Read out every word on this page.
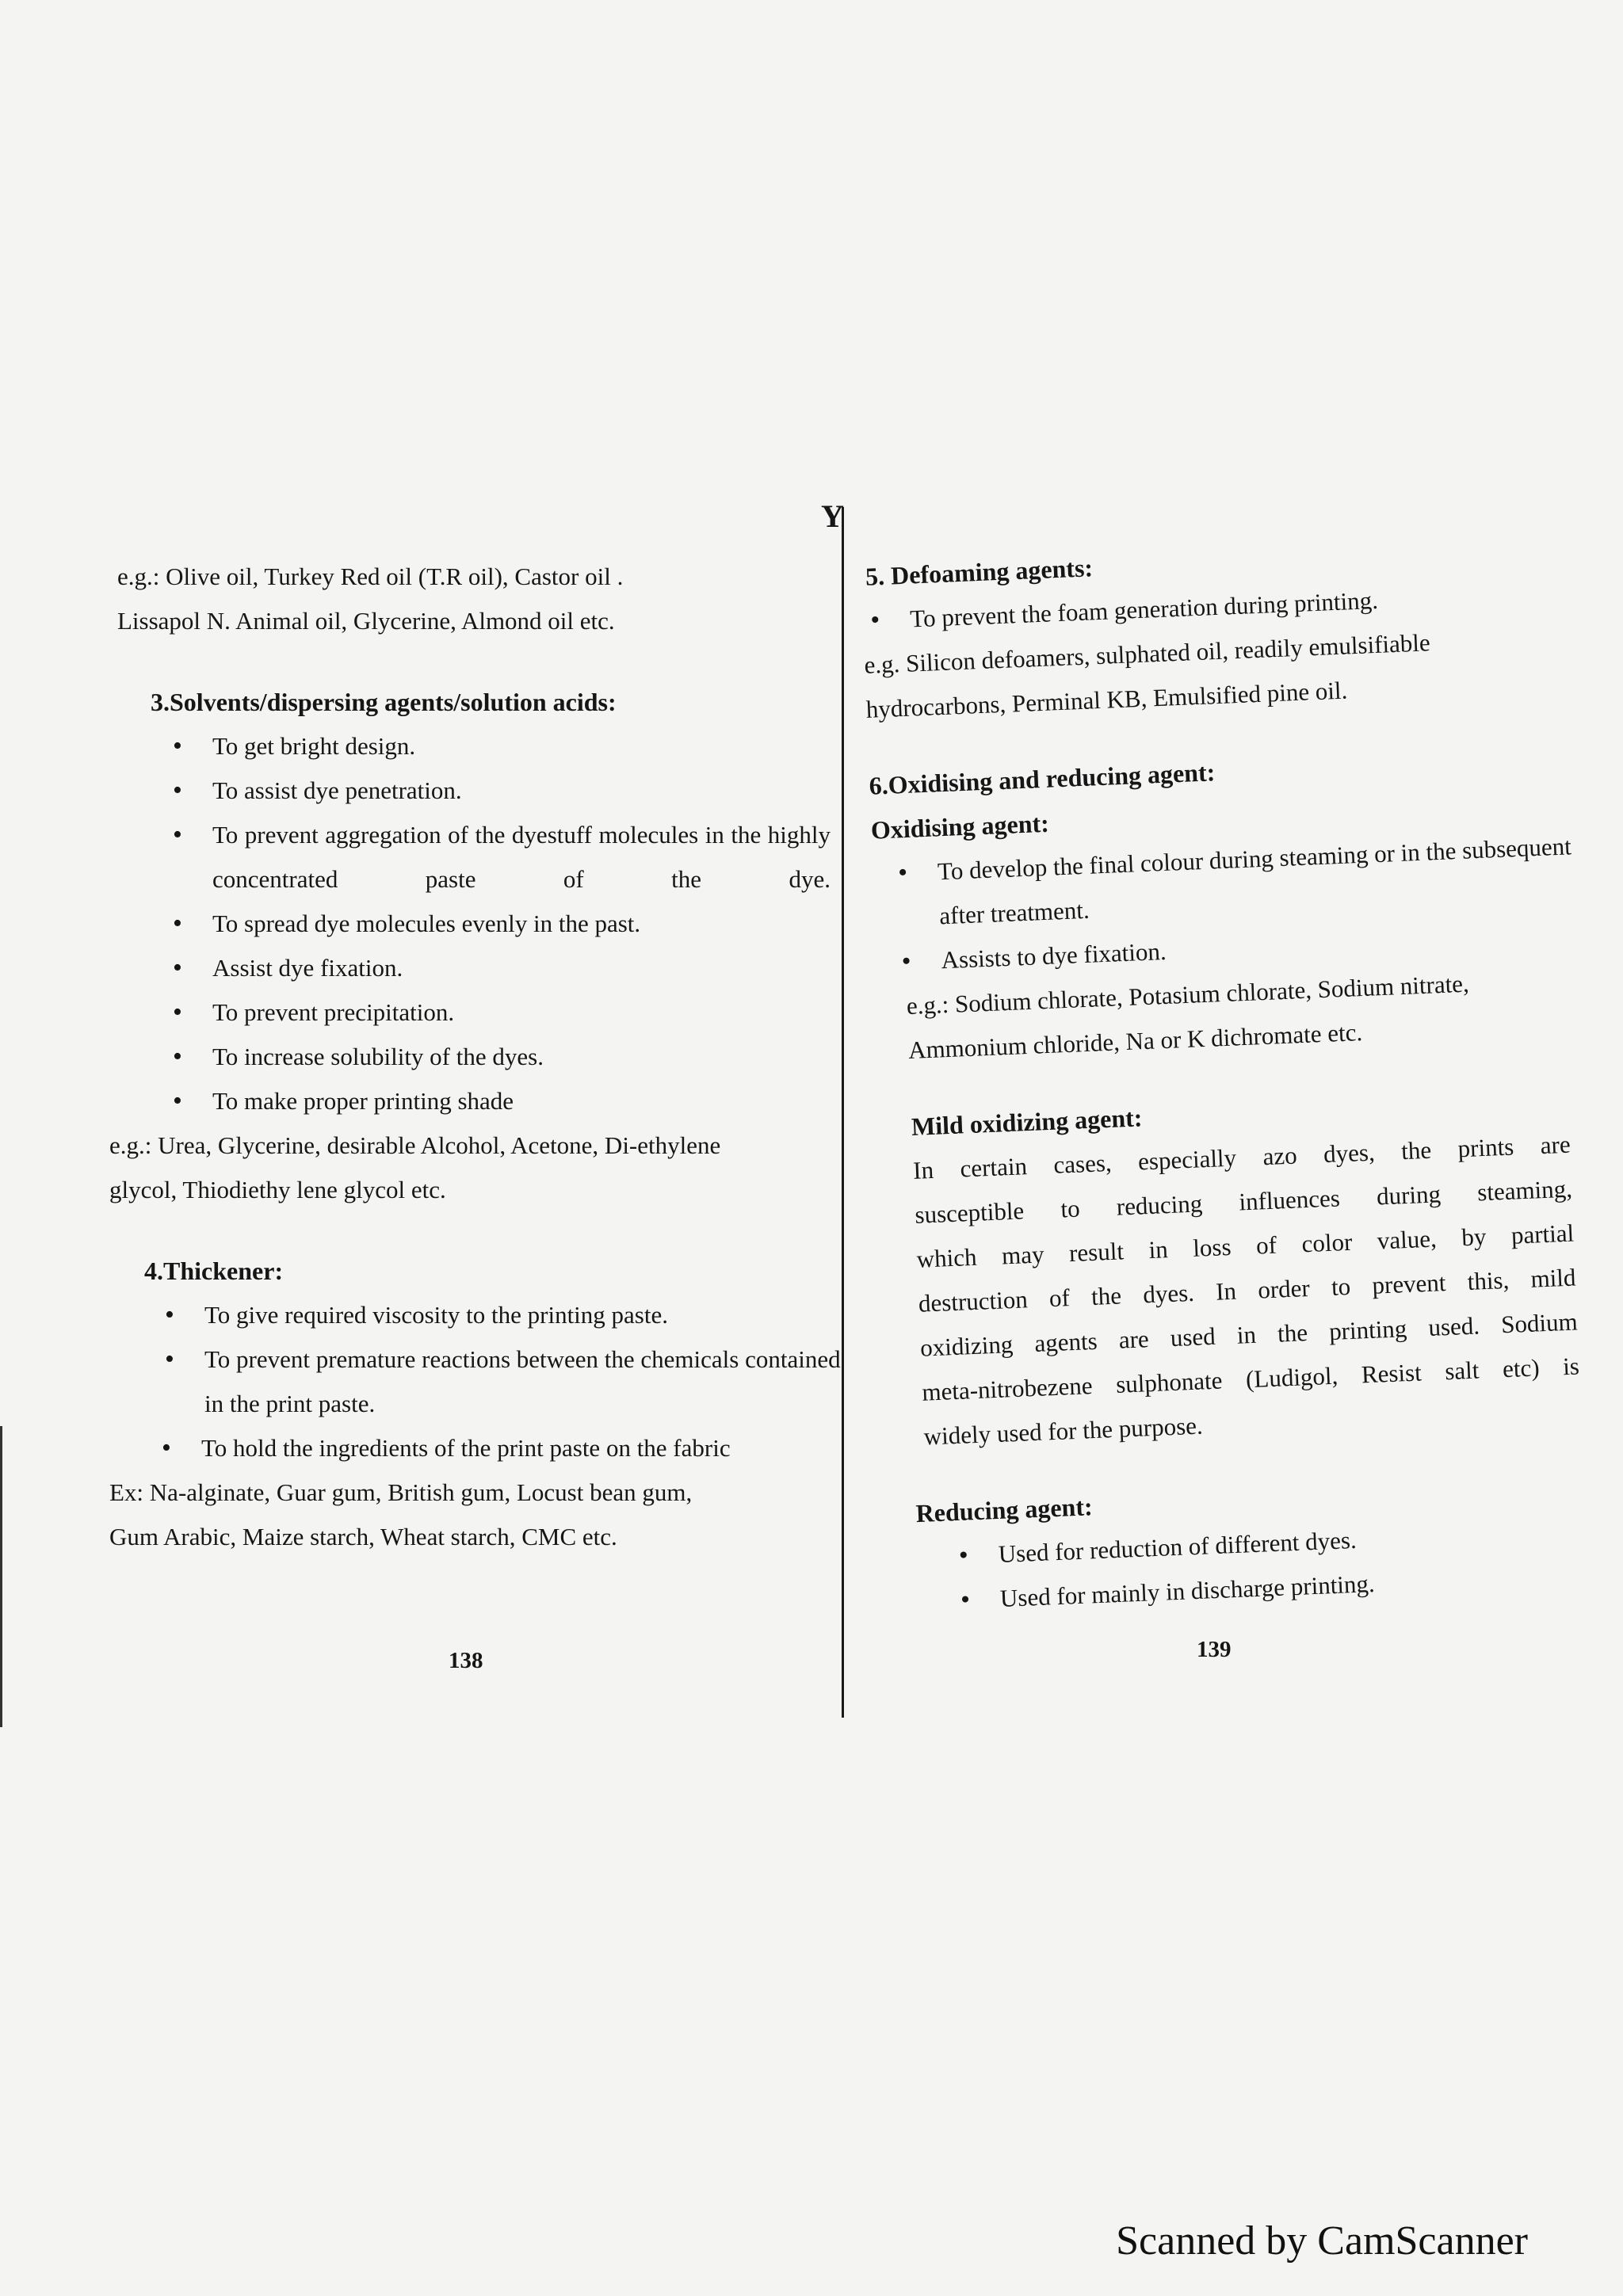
Y
e.g.: Olive oil, Turkey Red oil (T.R oil), Castor oil .
Lissapol N. Animal oil, Glycerine, Almond oil etc.
3.Solvents/dispersing agents/solution acids:
• To get bright design.
• To assist dye penetration.
• To prevent aggregation of the dyestuff molecules in the highly concentrated paste of the dye.
• To spread dye molecules evenly in the past.
• Assist dye fixation.
• To prevent precipitation.
• To increase solubility of the dyes.
• To make proper printing shade
e.g.: Urea, Glycerine, desirable Alcohol, Acetone, Di-ethylene
glycol, Thiodiethy lene glycol etc.
4.Thickener:
• To give required viscosity to the printing paste.
• To prevent premature reactions between the chemicals contained in the print paste.
• To hold the ingredients of the print paste on the fabric
Ex: Na-alginate, Guar gum, British gum, Locust bean gum,
Gum Arabic, Maize starch, Wheat starch, CMC etc.
138
5. Defoaming agents:
• To prevent the foam generation during printing.
e.g. Silicon defoamers, sulphated oil, readily emulsifiable
hydrocarbons, Perminal KB, Emulsified pine oil.
6.Oxidising and reducing agent:
Oxidising agent:
• To develop the final colour during steaming or in the subsequent after treatment.
• Assists to dye fixation.
e.g.: Sodium chlorate, Potasium chlorate, Sodium nitrate,
Ammonium chloride, Na or K dichromate etc.
Mild oxidizing agent:
In certain cases, especially azo dyes, the prints are
susceptible to reducing influences during steaming,
which may result in loss of color value, by partial
destruction of the dyes. In order to prevent this, mild
oxidizing agents are used in the printing used. Sodium
meta-nitrobezene sulphonate (Ludigol, Resist salt etc) is
widely used for the purpose.
Reducing agent:
• Used for reduction of different dyes.
• Used for mainly in discharge printing.
139
Scanned by CamScanner
